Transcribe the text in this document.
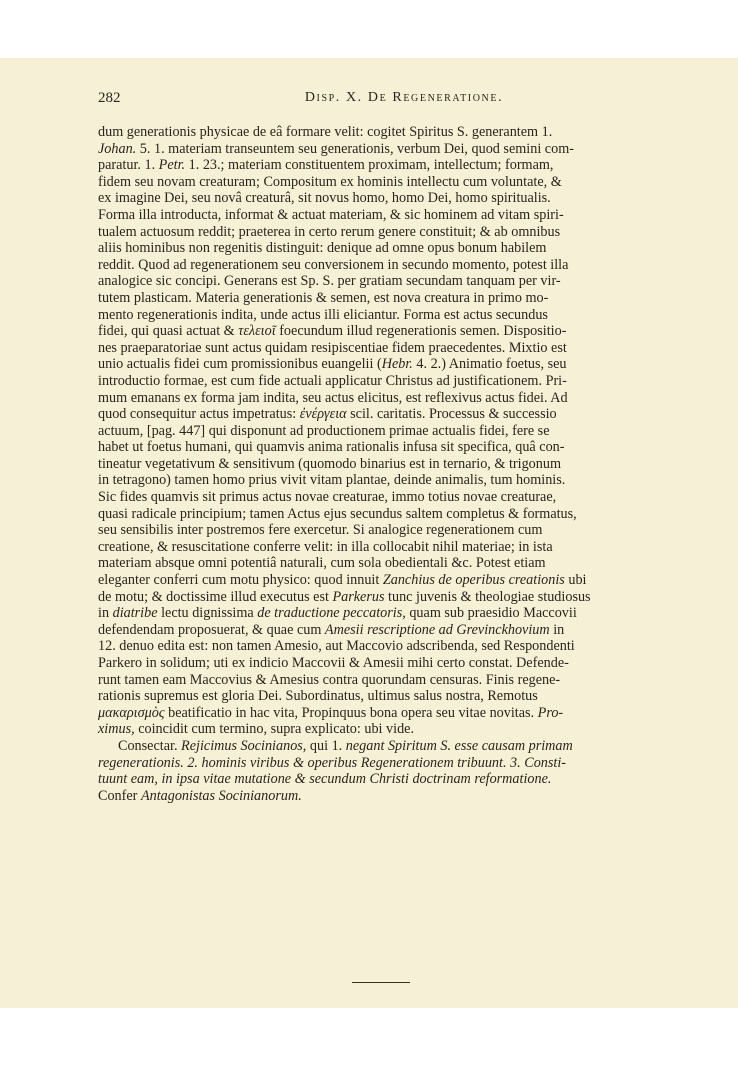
282	Disp. X. De Regeneratione.
dum generationis physicae de eâ formare velit: cogitet Spiritus S. generantem 1.
Johan. 5. 1. materiam transeuntem seu generationis, verbum Dei, quod semini com-
paratur. 1. Petr. 1. 23.; materiam constituentem proximam, intellectum; formam,
fidem seu novam creaturam; Compositum ex hominis intellectu cum voluntate, &
ex imagine Dei, seu novâ creaturâ, sit novus homo, homo Dei, homo spiritualis.
Forma illa introducta, informat & actuat materiam, & sic hominem ad vitam spiri-
tualem actuosum reddit; praeterea in certo rerum genere constituit; & ab omnibus
aliis hominibus non regenitis distinguit: denique ad omne opus bonum habilem
reddit. Quod ad regenerationem seu conversionem in secundo momento, potest illa
analogice sic concipi. Generans est Sp. S. per gratiam secundam tanquam per vir-
tutem plasticam. Materia generationis & semen, est nova creatura in primo mo-
mento regenerationis indita, unde actus illi eliciantur. Forma est actus secundus
fidei, qui quasi actuat & τελειοῖ foecundum illud regenerationis semen. Dispositio-
nes praeparatoriae sunt actus quidam resipiscentiae fidem praecedentes. Mixtio est
unio actualis fidei cum promissionibus euangelii (Hebr. 4. 2.) Animatio foetus, seu
introductio formae, est cum fide actuali applicatur Christus ad justificationem. Pri-
mum emanans ex forma jam indita, seu actus elicitus, est reflexivus actus fidei. Ad
quod consequitur actus impetratus: ἐνέργεια scil. caritatis. Processus & successio
actuum, [pag. 447] qui disponunt ad productionem primae actualis fidei, fere se
habet ut foetus humani, qui quamvis anima rationalis infusa sit specifica, quâ con-
tineatur vegetativum & sensitivum (quomodo binarius est in ternario, & trigonum
in tetragono) tamen homo prius vivit vitam plantae, deinde animalis, tum hominis.
Sic fides quamvis sit primus actus novae creaturae, immo totius novae creaturae,
quasi radicale principium; tamen Actus ejus secundus saltem completus & formatus,
seu sensibilis inter postremos fere exercetur. Si analogice regenerationem cum
creatione, & resuscitatione conferre velit: in illa collocabit nihil materiae; in ista
materiam absque omni potentiâ naturali, cum sola obedientali &c. Potest etiam
eleganter conferri cum motu physico: quod innuit Zanchius de operibus creationis ubi
de motu; & doctissime illud executus est Parkerus tunc juvenis & theologiae studiosus
in diatribe lectu dignissima de traductione peccatoris, quam sub praesidio Maccovii
defendendam proposuerat, & quae cum Amesii rescriptione ad Grevinckhovium in
12. denuo edita est: non tamen Amesio, aut Maccovio adscribenda, sed Respondenti
Parkero in solidum; uti ex indicio Maccovii & Amesii mihi certo constat. Defende-
runt tamen eam Maccovius & Amesius contra quorundam censuras. Finis regene-
rationis supremus est gloria Dei. Subordinatus, ultimus salus nostra, Remotus
μακαρισμὸς beatificatio in hac vita, Propinquus bona opera seu vitae novitas. Pro-
ximus, coincidit cum termino, supra explicato: ubi vide.
Consectar. Rejicimus Socinianos, qui 1. negant Spiritum S. esse causam primam
regenerationis. 2. hominis viribus & operibus Regenerationem tribuunt. 3. Consti-
tuunt eam, in ipsa vitae mutatione & secundum Christi doctrinam reformatione.
Confer Antagonistas Socinianorum.
